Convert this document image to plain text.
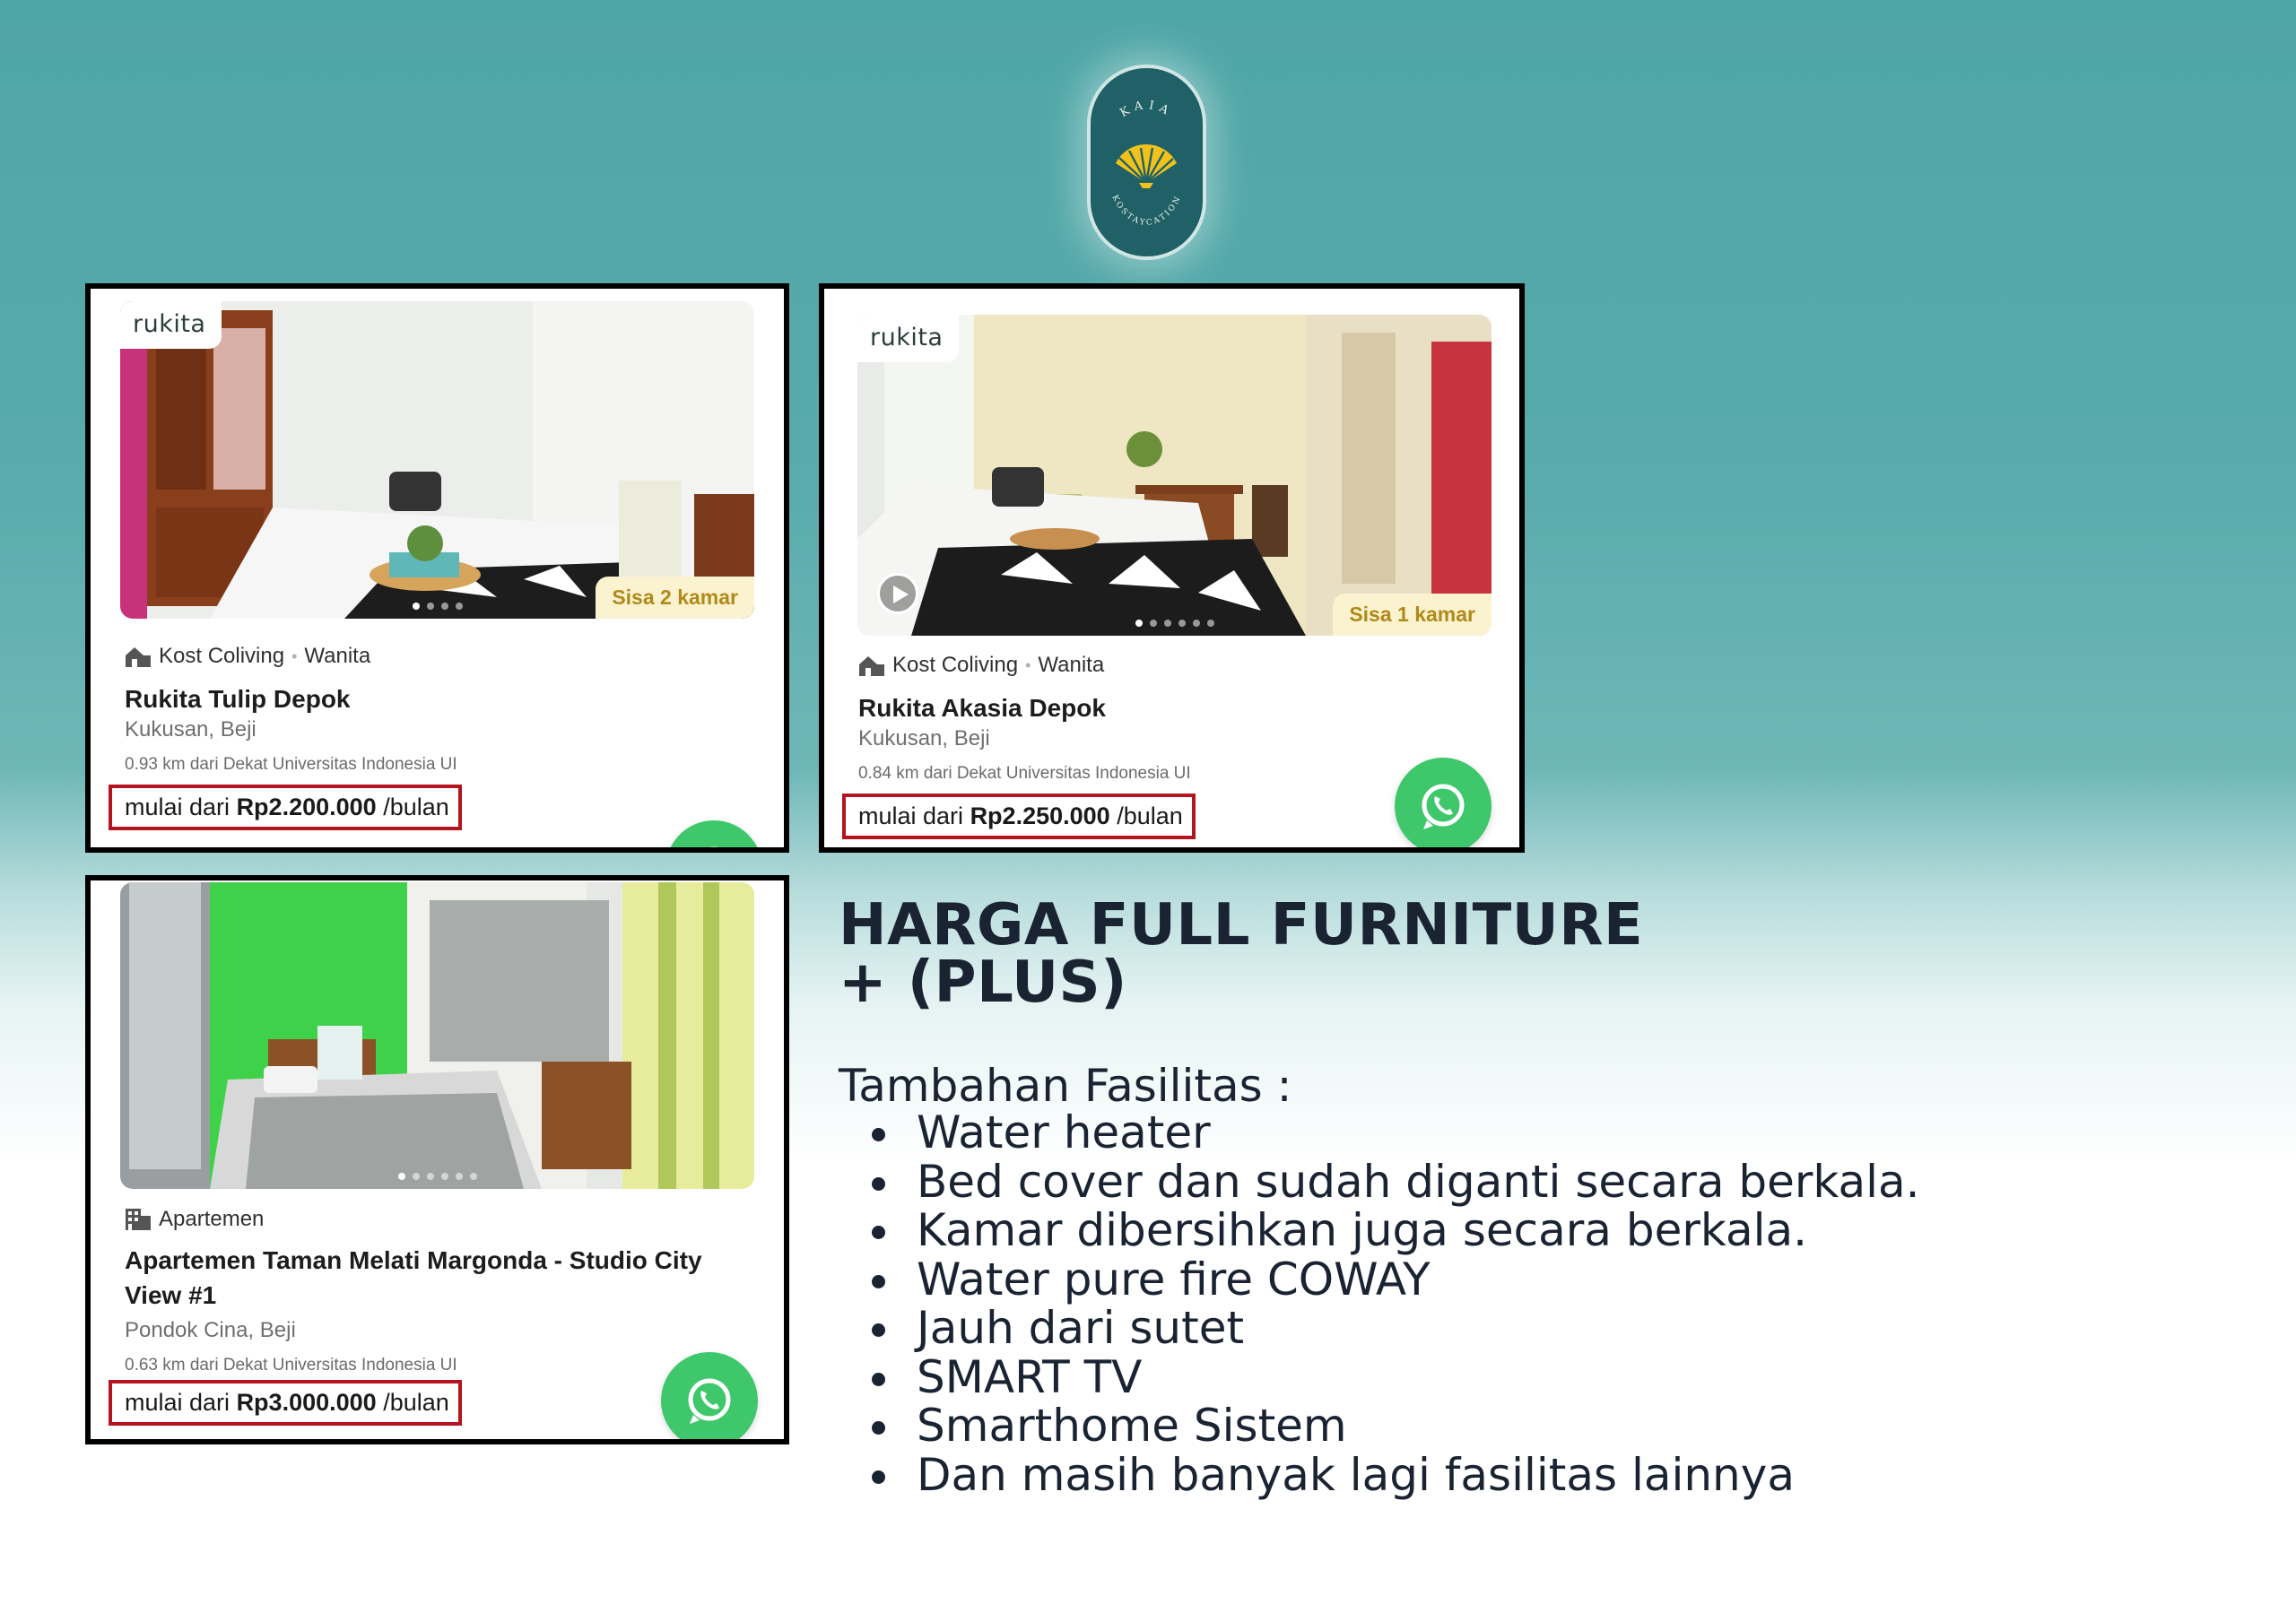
KAIA
KOSTAYCATION
rukita
Sisa 2 kamar
Kost Coliving • Wanita
Rukita Tulip Depok
Kukusan, Beji
0.93 km dari Dekat Universitas Indonesia UI
mulai dari Rp2.200.000 /bulan
rukita
Sisa 1 kamar
Kost Coliving • Wanita
Rukita Akasia Depok
Kukusan, Beji
0.84 km dari Dekat Universitas Indonesia UI
mulai dari Rp2.250.000 /bulan
Apartemen
Apartemen Taman Melati Margonda - Studio City View #1
Pondok Cina, Beji
0.63 km dari Dekat Universitas Indonesia UI
mulai dari Rp3.000.000 /bulan
HARGA FULL FURNITURE
+ (PLUS)
Tambahan Fasilitas :
Water heater
Bed cover dan sudah diganti secara berkala.
Kamar dibersihkan juga secara berkala.
Water pure fire COWAY
Jauh dari sutet
SMART TV
Smarthome Sistem
Dan masih banyak lagi fasilitas lainnya
